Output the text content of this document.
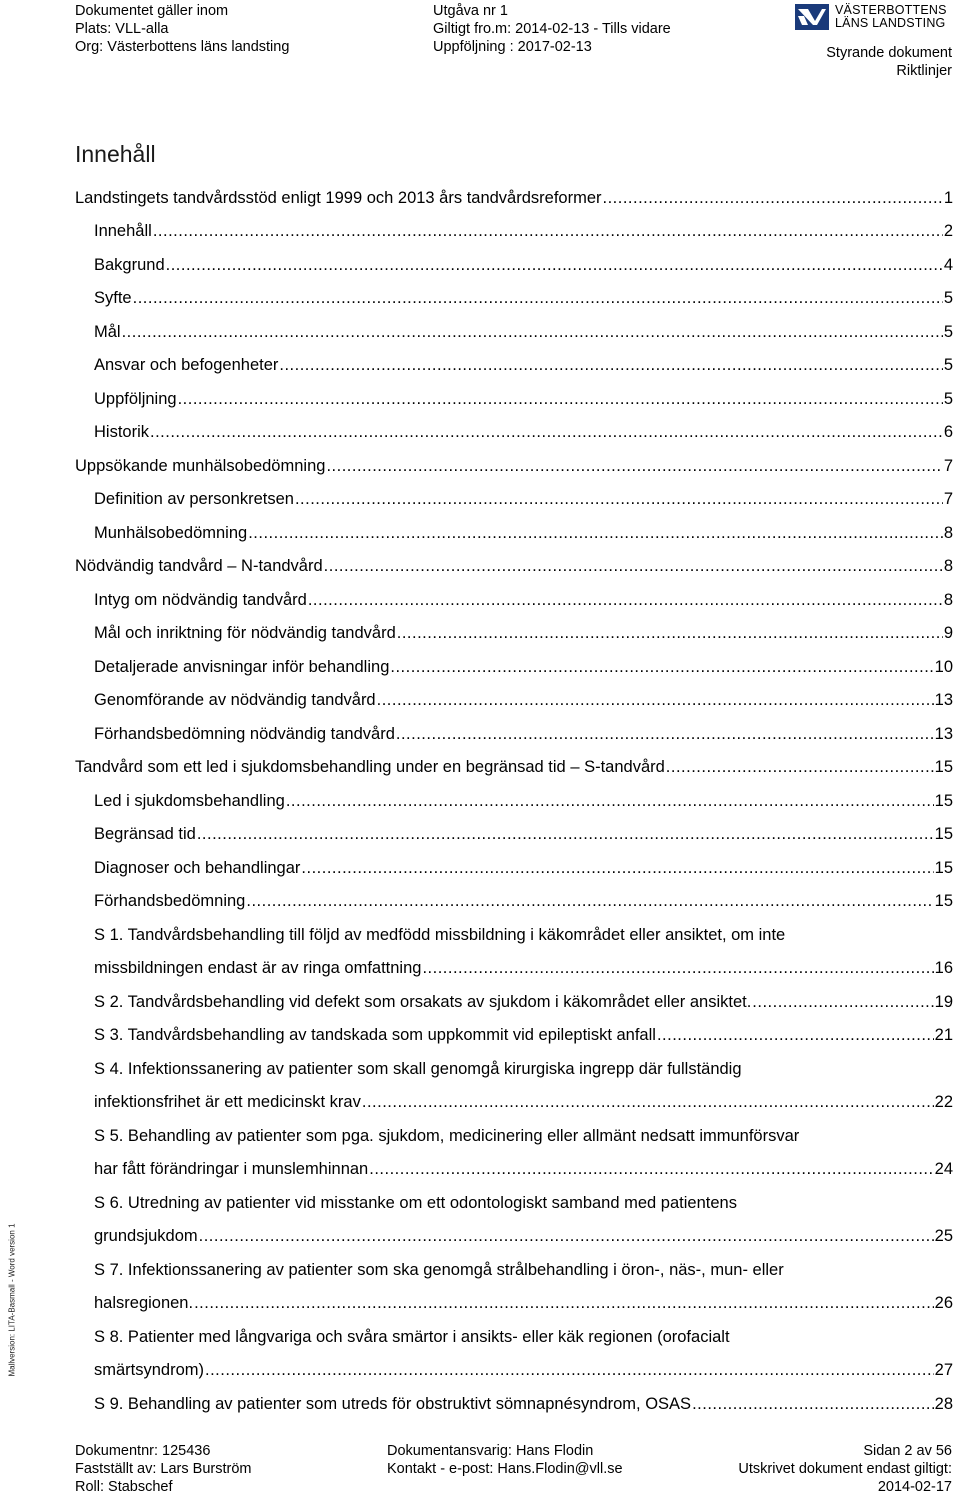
Dokumentet gäller inom
Plats: VLL-alla
Org: Västerbottens läns landsting
Utgåva nr 1
Giltigt fro.m: 2014-02-13 - Tills vidare
Uppföljning : 2017-02-13
VÄSTERBOTTENS
LÄNS LANDSTING
Styrande dokument
Riktlinjer
Mallversion: LITA-Basmall - Word version 1
Innehåll
Landstingets tandvårdsstöd enligt 1999 och 2013 års tandvårdsreformer .....	1
Innehåll .....	2
Bakgrund .....	4
Syfte .....	5
Mål .....	5
Ansvar och befogenheter .....	5
Uppföljning .....	5
Historik .....	6
Uppsökande munhälsobedömning .....	7
Definition av personkretsen .....	7
Munhälsobedömning .....	8
Nödvändig tandvård – N-tandvård .....	8
Intyg om nödvändig tandvård .....	8
Mål och inriktning för nödvändig tandvård .....	9
Detaljerade anvisningar inför behandling .....	10
Genomförande av nödvändig tandvård .....	13
Förhandsbedömning nödvändig tandvård .....	13
Tandvård som ett led i sjukdomsbehandling under en begränsad tid – S-tandvård .....	15
Led i sjukdomsbehandling .....	15
Begränsad tid .....	15
Diagnoser och behandlingar .....	15
Förhandsbedömning .....	15
S 1. Tandvårdsbehandling till följd av medfödd missbildning i käkområdet eller ansiktet, om inte
missbildningen endast är av ringa omfattning .....	16
S 2. Tandvårdsbehandling vid defekt som orsakats av sjukdom i käkområdet eller ansiktet. .....	19
S 3. Tandvårdsbehandling av tandskada som uppkommit vid epileptiskt anfall .....	21
S 4. Infektionssanering av patienter som skall genomgå kirurgiska ingrepp där fullständig
infektionsfrihet är ett medicinskt krav .....	22
S 5. Behandling av patienter som pga. sjukdom, medicinering eller allmänt nedsatt immunförsvar
har fått förändringar i munslemhinnan .....	24
S 6. Utredning av patienter vid misstanke om ett odontologiskt samband med patientens
grundsjukdom .....	25
S 7. Infektionssanering av patienter som ska genomgå strålbehandling i öron-, näs-, mun- eller
halsregionen. .....	26
S 8. Patienter med långvariga och svåra smärtor i ansikts- eller käk regionen (orofacialt
smärtsyndrom) .....	27
S 9. Behandling av patienter som utreds för obstruktivt sömnapnésyndrom, OSAS .....	28
Dokumentnr: 125436
Fastställt av: Lars Burström
Roll: Stabschef
Dokumentansvarig: Hans Flodin
Kontakt - e-post: Hans.Flodin@vll.se
Sidan 2 av 56
Utskrivet dokument endast giltigt:
2014-02-17
